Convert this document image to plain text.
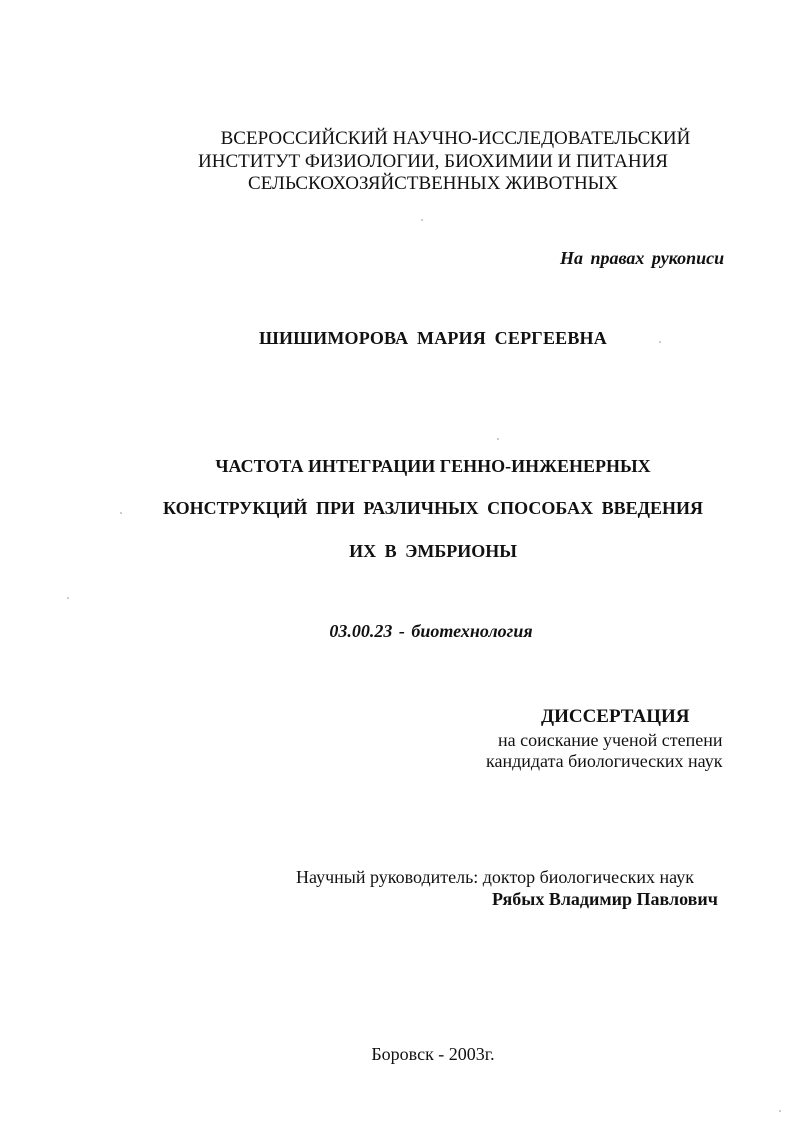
ВСЕРОССИЙСКИЙ НАУЧНО-ИССЛЕДОВАТЕЛЬСКИЙ
ИНСТИТУТ ФИЗИОЛОГИИ, БИОХИМИИ И ПИТАНИЯ
СЕЛЬСКОХОЗЯЙСТВЕННЫХ ЖИВОТНЫХ
На правах рукописи
ШИШИМОРОВА МАРИЯ СЕРГЕЕВНА
ЧАСТОТА ИНТЕГРАЦИИ ГЕННО-ИНЖЕНЕРНЫХ
КОНСТРУКЦИЙ ПРИ РАЗЛИЧНЫХ СПОСОБАХ ВВЕДЕНИЯ
ИХ В ЭМБРИОНЫ
03.00.23 - биотехнология
ДИССЕРТАЦИЯ
на соискание ученой степени
кандидата биологических наук
Научный руководитель: доктор биологических наук
Рябых Владимир Павлович
Боровск - 2003г.
